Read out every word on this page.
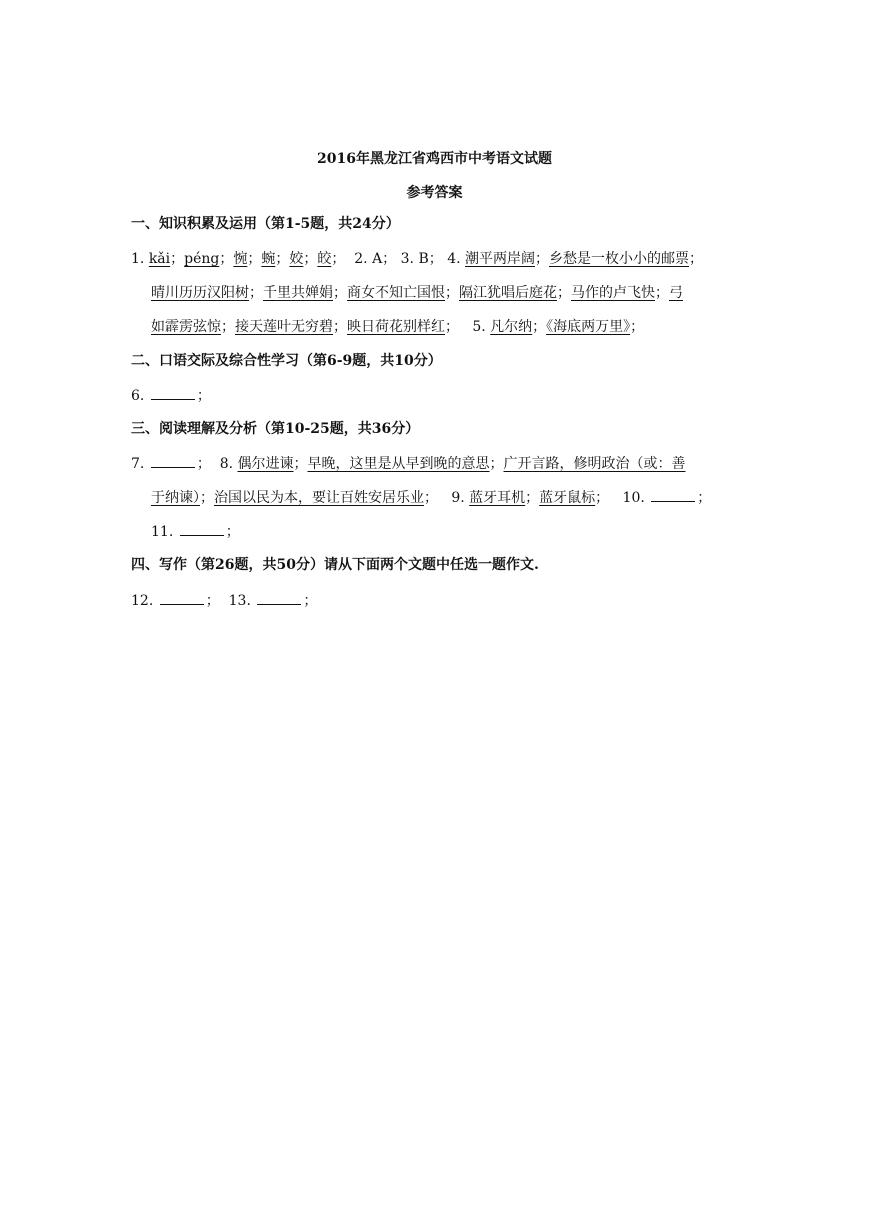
2016年黑龙江省鸡西市中考语文试题
参考答案
一、知识积累及运用（第1-5题，共24分）
1. kǎi；péng；惋；蜿；姣；皎；  2. A； 3. B； 4. 潮平两岸阔；乡愁是一枚小小的邮票；
晴川历历汉阳树；千里共婵娟；商女不知亡国恨；隔江犹唱后庭花；马作的卢飞快；弓
如霹雳弦惊；接天莲叶无穷碧；映日荷花别样红；   5. 凡尔纳；《海底两万里》；
二、口语交际及综合性学习（第6-9题，共10分）
6.	；
三、阅读理解及分析（第10-25题，共36分）
7.	；  8. 偶尔进谏；早晚，这里是从早到晚的意思；广开言路，修明政治（或：善
于纳谏）；治国以民为本，要让百姓安居乐业；   9. 蓝牙耳机；蓝牙鼠标；   10.	；
11.	；
四、写作（第26题，共50分）请从下面两个文题中任选一题作文.
12.	；  13.	；
